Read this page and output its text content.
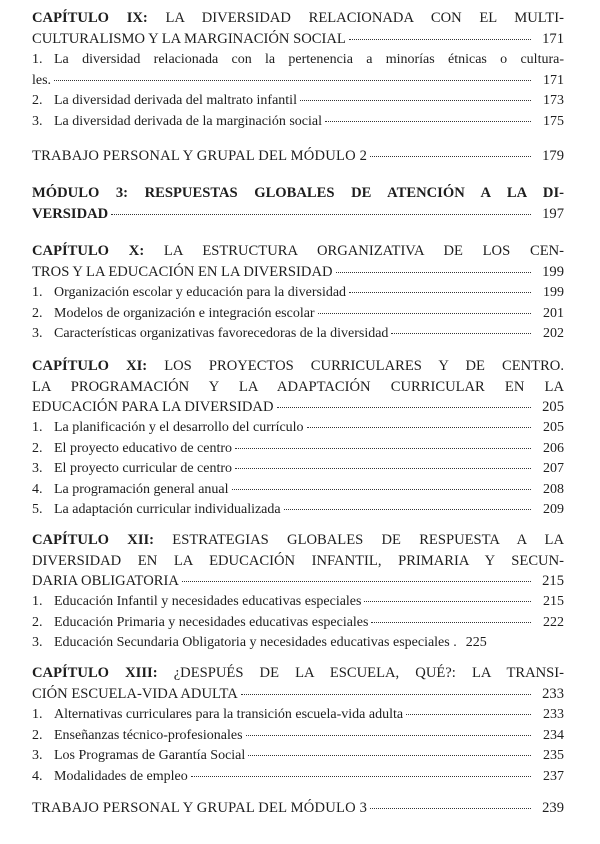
CAPÍTULO IX: LA DIVERSIDAD RELACIONADA CON EL MULTI-
CULTURALISMO Y LA MARGINACIÓN SOCIAL	171
1. La diversidad relacionada con la pertenencia a minorías étnicas o cultura-
les.	171
2. La diversidad derivada del maltrato infantil	173
3. La diversidad derivada de la marginación social	175
TRABAJO PERSONAL Y GRUPAL DEL MÓDULO 2	179
MÓDULO 3: RESPUESTAS GLOBALES DE ATENCIÓN A LA DI-
VERSIDAD	197
CAPÍTULO X: LA ESTRUCTURA ORGANIZATIVA DE LOS CEN-
TROS Y LA EDUCACIÓN EN LA DIVERSIDAD	199
1. Organización escolar y educación para la diversidad	199
2. Modelos de organización e integración escolar	201
3. Características organizativas favorecedoras de la diversidad	202
CAPÍTULO XI: LOS PROYECTOS CURRICULARES Y DE CENTRO.
LA PROGRAMACIÓN Y LA ADAPTACIÓN CURRICULAR EN LA
EDUCACIÓN PARA LA DIVERSIDAD	205
1. La planificación y el desarrollo del currículo	205
2. El proyecto educativo de centro	206
3. El proyecto curricular de centro	207
4. La programación general anual	208
5. La adaptación curricular individualizada	209
CAPÍTULO XII: ESTRATEGIAS GLOBALES DE RESPUESTA A LA
DIVERSIDAD EN LA EDUCACIÓN INFANTIL, PRIMARIA Y SECUN-
DARIA OBLIGATORIA	215
1. Educación Infantil y necesidades educativas especiales	215
2. Educación Primaria y necesidades educativas especiales	222
3. Educación Secundaria Obligatoria y necesidades educativas especiales . 225
CAPÍTULO XIII: ¿DESPUÉS DE LA ESCUELA, QUÉ?: LA TRANSI-
CIÓN ESCUELA-VIDA ADULTA	233
1. Alternativas curriculares para la transición escuela-vida adulta	233
2. Enseñanzas técnico-profesionales	234
3. Los Programas de Garantía Social	235
4. Modalidades de empleo	237
TRABAJO PERSONAL Y GRUPAL DEL MÓDULO 3	239
